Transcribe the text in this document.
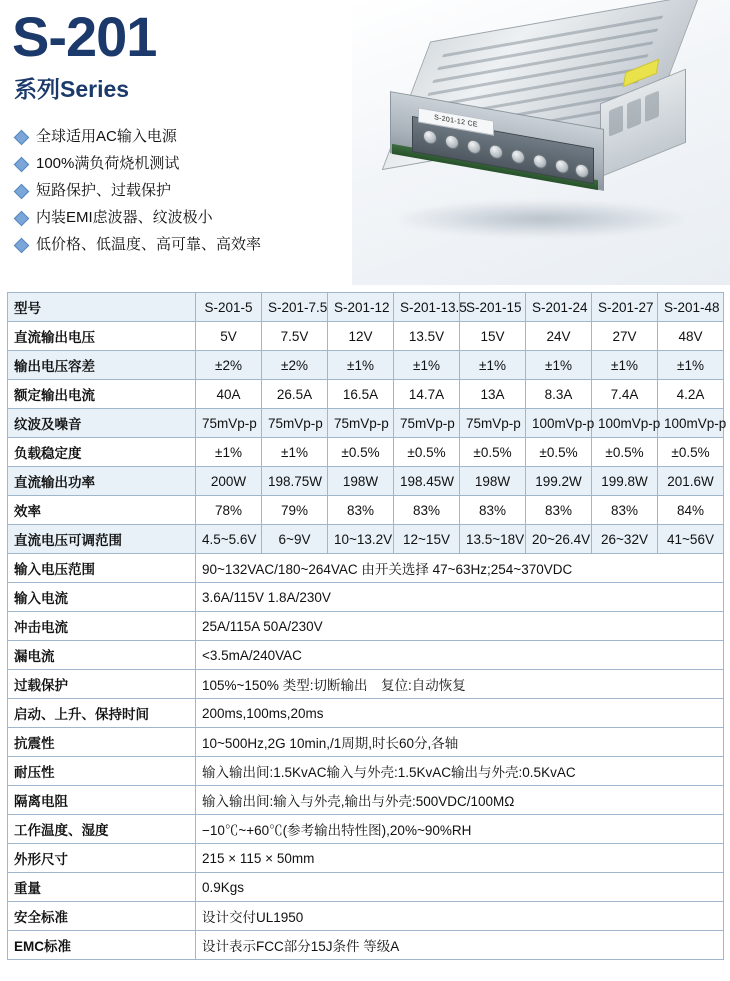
S-201
系列Series
全球适用AC输入电源
100%满负荷烧机测试
短路保护、过载保护
内装EMI虑波器、纹波极小
低价格、低温度、高可靠、高效率
S-201-12 CE
型号	S-201-5	S-201-7.5	S-201-12	S-201-13.5	S-201-15	S-201-24	S-201-27	S-201-48
直流输出电压	5V	7.5V	12V	13.5V	15V	24V	27V	48V
输出电压容差	±2%	±2%	±1%	±1%	±1%	±1%	±1%	±1%
额定输出电流	40A	26.5A	16.5A	14.7A	13A	8.3A	7.4A	4.2A
纹波及噪音	75mVp-p	75mVp-p	75mVp-p	75mVp-p	75mVp-p	100mVp-p	100mVp-p	100mVp-p
负载稳定度	±1%	±1%	±0.5%	±0.5%	±0.5%	±0.5%	±0.5%	±0.5%
直流输出功率	200W	198.75W	198W	198.45W	198W	199.2W	199.8W	201.6W
效率	78%	79%	83%	83%	83%	83%	83%	84%
直流电压可调范围	4.5~5.6V	6~9V	10~13.2V	12~15V	13.5~18V	20~26.4V	26~32V	41~56V
输入电压范围	90~132VAC/180~264VAC 由开关选择 47~63Hz;254~370VDC							
输入电流	3.6A/115V 1.8A/230V							
冲击电流	25A/115A 50A/230V							
漏电流	<3.5mA/240VAC							
过载保护	105%~150% 类型:切断输出　复位:自动恢复							
启动、上升、保持时间	200ms,100ms,20ms							
抗震性	10~500Hz,2G 10min,/1周期,时长60分,各轴							
耐压性	输入输出间:1.5KvAC输入与外壳:1.5KvAC输出与外壳:0.5KvAC							
隔离电阻	输入输出间:输入与外壳,输出与外壳:500VDC/100MΩ							
工作温度、湿度	−10℃~+60℃(参考输出特性图),20%~90%RH							
外形尺寸	215 × 115 × 50mm							
重量	0.9Kgs							
安全标准	设计交付UL1950							
EMC标准	设计表示FCC部分15J条件 等级A							
